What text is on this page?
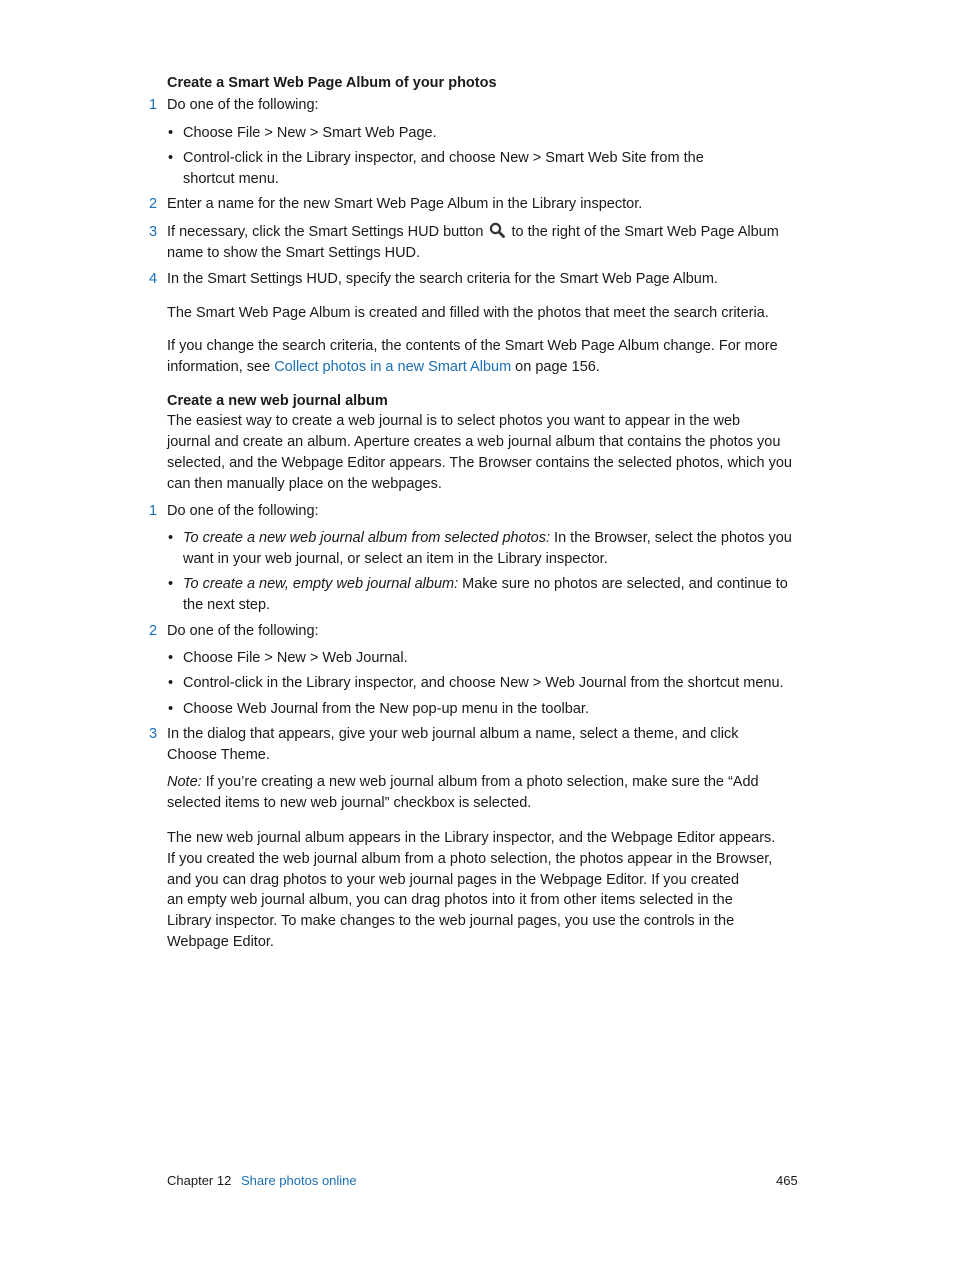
Create a Smart Web Page Album of your photos
1 Do one of the following:
• Choose File > New > Smart Web Page.
• Control-click in the Library inspector, and choose New > Smart Web Site from the
shortcut menu.
2 Enter a name for the new Smart Web Page Album in the Library inspector.
3 If necessary, click the Smart Settings HUD button to the right of the Smart Web Page Album
name to show the Smart Settings HUD.
4 In the Smart Settings HUD, specify the search criteria for the Smart Web Page Album.
The Smart Web Page Album is created and filled with the photos that meet the search criteria.
If you change the search criteria, the contents of the Smart Web Page Album change. For more
information, see Collect photos in a new Smart Album on page 156.
Create a new web journal album
The easiest way to create a web journal is to select photos you want to appear in the web
journal and create an album. Aperture creates a web journal album that contains the photos you
selected, and the Webpage Editor appears. The Browser contains the selected photos, which you
can then manually place on the webpages.
1 Do one of the following:
• To create a new web journal album from selected photos: In the Browser, select the photos you
want in your web journal, or select an item in the Library inspector.
• To create a new, empty web journal album: Make sure no photos are selected, and continue to
the next step.
2 Do one of the following:
• Choose File > New > Web Journal.
• Control-click in the Library inspector, and choose New > Web Journal from the shortcut menu.
• Choose Web Journal from the New pop-up menu in the toolbar.
3 In the dialog that appears, give your web journal album a name, select a theme, and click
Choose Theme.
Note: If you’re creating a new web journal album from a photo selection, make sure the “Add
selected items to new web journal” checkbox is selected.
The new web journal album appears in the Library inspector, and the Webpage Editor appears.
If you created the web journal album from a photo selection, the photos appear in the Browser,
and you can drag photos to your web journal pages in the Webpage Editor. If you created
an empty web journal album, you can drag photos into it from other items selected in the
Library inspector. To make changes to the web journal pages, you use the controls in the
Webpage Editor.
Chapter 12 Share photos online	465
